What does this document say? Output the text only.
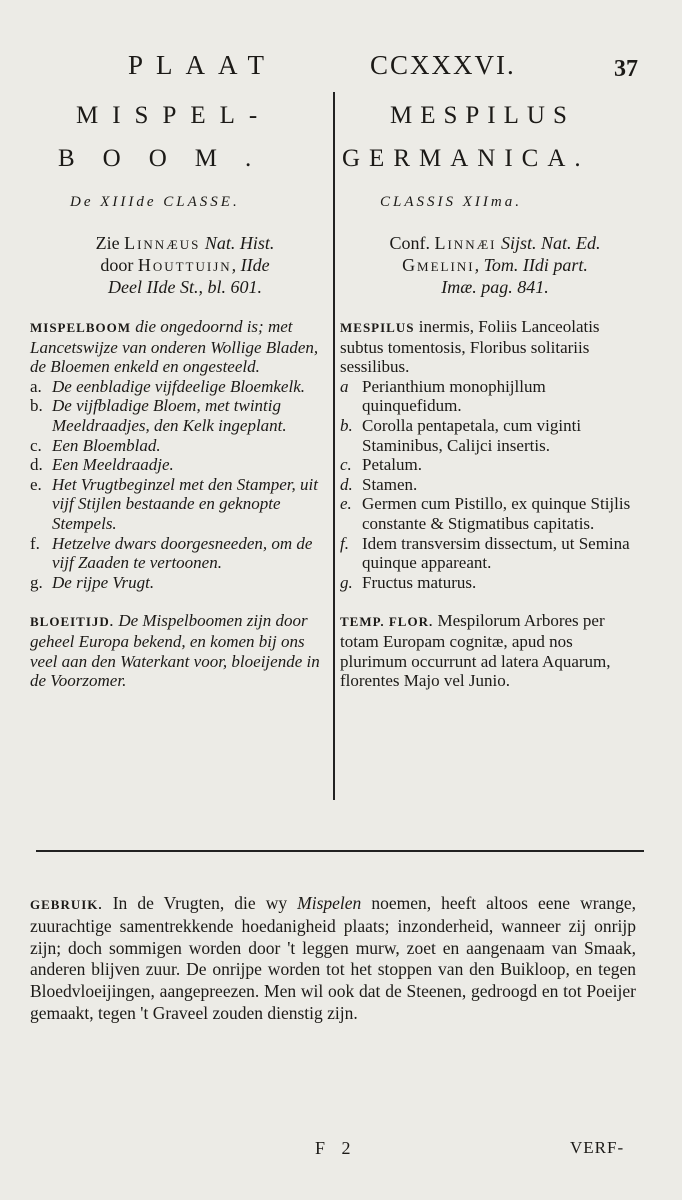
PLAAT	CCXXXVI.	37
MISPEL-	MESPILUS
BOOM.	GERMANICA.
De XIIIde CLASSE.	CLASSIS XIIma.
Zie Linnæus Nat. Hist.
door Houttuijn, IIde
Deel IIde St., bl. 601.
Conf. Linnæi Sijst. Nat. Ed.
Gmelini, Tom. IIdi part.
Imæ. pag. 841.
MISPELBOOM die ongedoornd is; met Lancetswijze van onderen Wollige Bladen, de Bloemen enkeld en ongesteeld.
a. De eenbladige vijfdeelige Bloemkelk.
b. De vijfbladige Bloem, met twintig Meeldraadjes, den Kelk ingeplant.
c. Een Bloemblad.
d. Een Meeldraadje.
e. Het Vrugtbeginzel met den Stamper, uit vijf Stijlen bestaande en geknopte Stempels.
f. Hetzelve dwars doorgesneeden, om de vijf Zaaden te vertoonen.
g. De rijpe Vrugt.
BLOEITIJD. De Mispelboomen zijn door geheel Europa bekend, en komen bij ons veel aan den Waterkant voor, bloeijende in de Voorzomer.
MESPILUS inermis, Foliis Lanceolatis subtus tomentosis, Floribus solitariis sessilibus.
a Perianthium monophijllum quinquefidum.
b. Corolla pentapetala, cum viginti Staminibus, Calijci insertis.
c. Petalum.
d. Stamen.
e. Germen cum Pistillo, ex quinque Stijlis constante & Stigmatibus capitatis.
f. Idem transversim dissectum, ut Semina quinque appareant.
g. Fructus maturus.
TEMP. FLOR. Mespilorum Arbores per totam Europam cognitæ, apud nos plurimum occurrunt ad latera Aquarum, florentes Majo vel Junio.
GEBRUIK. In de Vrugten, die wy Mispelen noemen, heeft altoos eene wrange, zuurachtige samentrekkende hoedanigheid plaats; inzonderheid, wanneer zij onrijp zijn; doch sommigen worden door 't leggen murw, zoet en aangenaam van Smaak, anderen blijven zuur. De onrijpe worden tot het stoppen van den Buikloop, en tegen Bloedvloeijingen, aangepreezen. Men wil ook dat de Steenen, gedroogd en tot Poeijer gemaakt, tegen 't Graveel zouden dienstig zijn.
F 2	VERF-
